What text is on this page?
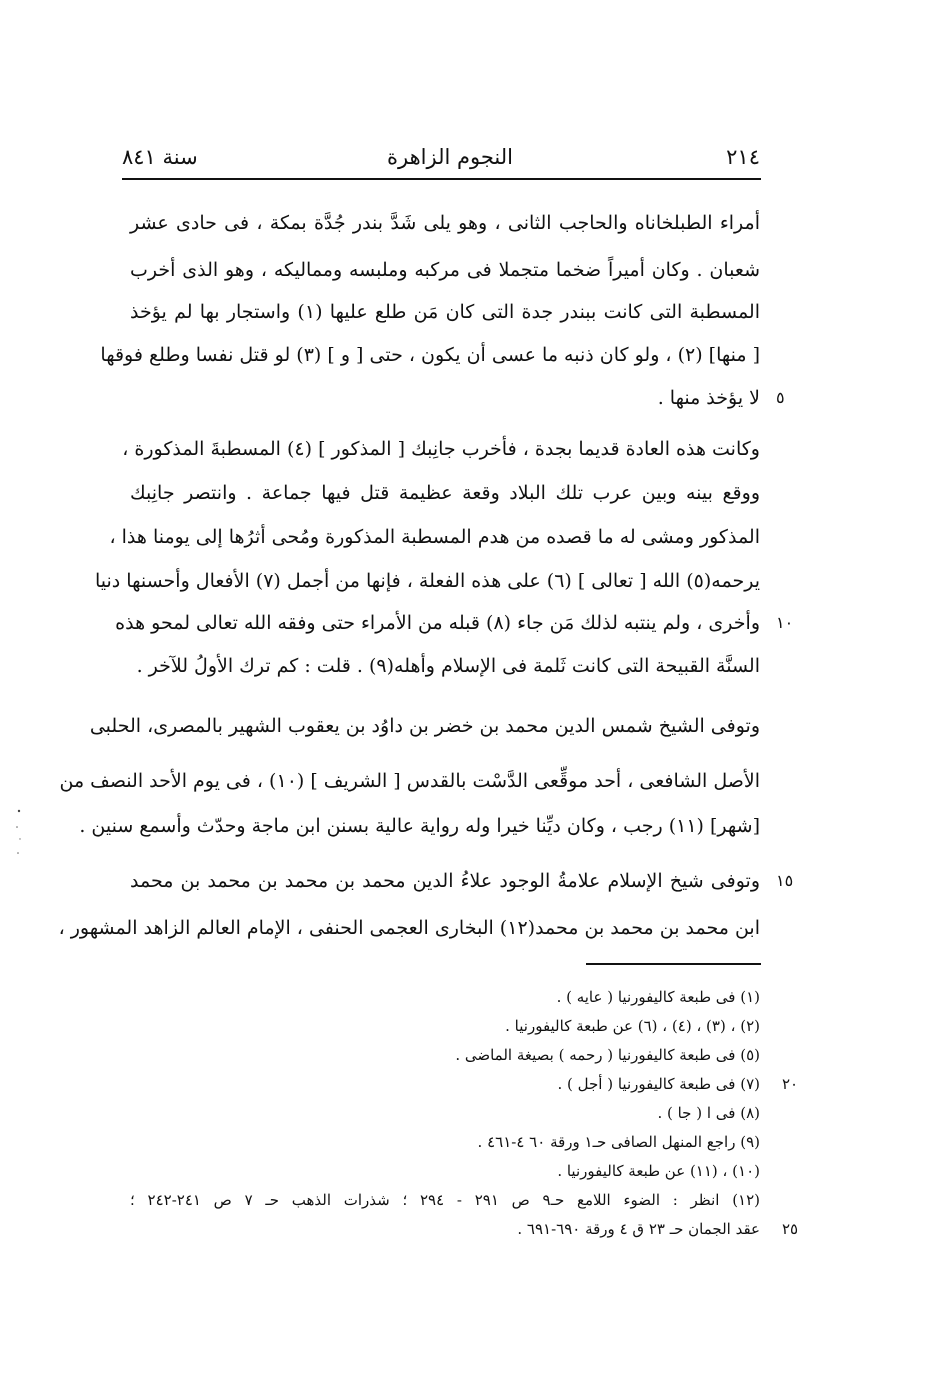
٢١٤
النجوم الزاهرة
سنة ٨٤١
أمراء الطبلخاناه والحاجب الثانى ، وهو يلى شَدَّ بندر جُدَّة بمكة ، فى حادى عشر
شعبان . وكان أميراً ضخما متجملا فى مركبه وملبسه ومماليكه ، وهو الذى أخرب
المسطبة التى كانت ببندر جدة التى كان مَن طلع عليها (١) واستجار بها لم يؤخذ
[ منها] (٢) ، ولو كان ذنبه ما عسى أن يكون ، حتى [ و ] (٣) لو قتل نفسا وطلع فوقها
لا يؤخذ منها . ٥
وكانت هذه العادة قديما بجدة ، فأخرب جانِبك [ المذكور ] (٤) المسطبةَ المذكورة ،
ووقع بينه وبين عرب تلك البلاد وقعة عظيمة قتل فيها جماعة . وانتصر جانِبك
المذكور ومشى له ما قصده من هدم المسطبة المذكورة ومُحى أثرُها إلى يومنا هذا ،
يرحمه(٥) الله [ تعالى ] (٦) على هذه الفعلة ، فإنها من أجمل (٧) الأفعال وأحسنها دنيا
وأخرى ، ولم ينتبه لذلك مَن جاء (٨) قبله من الأمراء حتى وفقه الله تعالى لمحو هذه ١٠
السنَّة القبيحة التى كانت ثَلمة فى الإسلام وأهله(٩) . قلت : كم ترك الأولُ للآخر .
وتوفى الشيخ شمس الدين محمد بن خضر بن داوُد بن يعقوب الشهير بالمصرى، الحلبى
الأصل الشافعى ، أحد موقِّعى الدَّسْت بالقدس [ الشريف ] (١٠) ، فى يوم الأحد النصف من
[شهر] (١١) رجب ، وكان ديِّنا خيرا وله رواية عالية بسنن ابن ماجة وحدّث وأسمع سنين .
وتوفى شيخ الإسلام علامةُ الوجود علاءُ الدين محمد بن محمد بن محمد بن محمد ١٥
ابن محمد بن محمد بن محمد(١٢) البخارى العجمى الحنفى ، الإمام العالم الزاهد المشهور ،
(١) فى طبعة كاليفورنيا ( عايه ) .
(٢) ، (٣) ، (٤) ، (٦) عن طبعة كاليفورنيا .
(٥) فى طبعة كاليفورنيا ( رحمه ) بصيغة الماضى .
(٧) فى طبعة كاليفورنيا ( أجل ) . ٢٠
(٨) فى ا ( جا ) .
(٩) راجع المنهل الصافى حـ١ ورقة ٦٠ ٤-٤٦١ .
(١٠) ، (١١) عن طبعة كاليفورنيا .
(١٢) انظر : الضوء اللامع حـ٩ ص ٢٩١ - ٢٩٤ ؛ شذرات الذهب حـ ٧ ص ٢٤١-٢٤٢ ؛
عقد الجمان حـ ٢٣ ق ٤ ورقة ٦٩٠-٦٩١ . ٢٥
